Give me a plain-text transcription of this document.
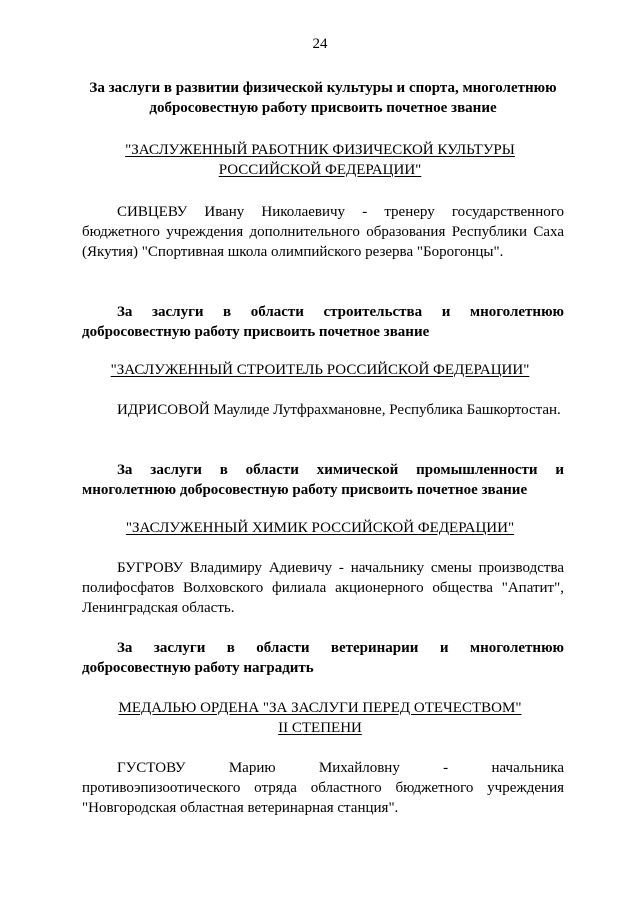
24
За заслуги в развитии физической культуры и спорта, многолетнюю добросовестную работу присвоить почетное звание
"ЗАСЛУЖЕННЫЙ РАБОТНИК ФИЗИЧЕСКОЙ КУЛЬТУРЫ
РОССИЙСКОЙ ФЕДЕРАЦИИ"
СИВЦЕВУ Ивану Николаевичу - тренеру государственного бюджетного учреждения дополнительного образования Республики Саха (Якутия) "Спортивная школа олимпийского резерва "Борогонцы".
За заслуги в области строительства и многолетнюю добросовестную работу присвоить почетное звание
"ЗАСЛУЖЕННЫЙ СТРОИТЕЛЬ РОССИЙСКОЙ ФЕДЕРАЦИИ"
ИДРИСОВОЙ Маулиде Лутфрахмановне, Республика Башкортостан.
За заслуги в области химической промышленности и многолетнюю добросовестную работу присвоить почетное звание
"ЗАСЛУЖЕННЫЙ ХИМИК РОССИЙСКОЙ ФЕДЕРАЦИИ"
БУГРОВУ Владимиру Адиевичу - начальнику смены производства полифосфатов Волховского филиала акционерного общества "Апатит", Ленинградская область.
За заслуги в области ветеринарии и многолетнюю добросовестную работу наградить
МЕДАЛЬЮ ОРДЕНА "ЗА ЗАСЛУГИ ПЕРЕД ОТЕЧЕСТВОМ"
II СТЕПЕНИ
ГУСТОВУ Марию Михайловну - начальника противоэпизоотического отряда областного бюджетного учреждения "Новгородская областная ветеринарная станция".
